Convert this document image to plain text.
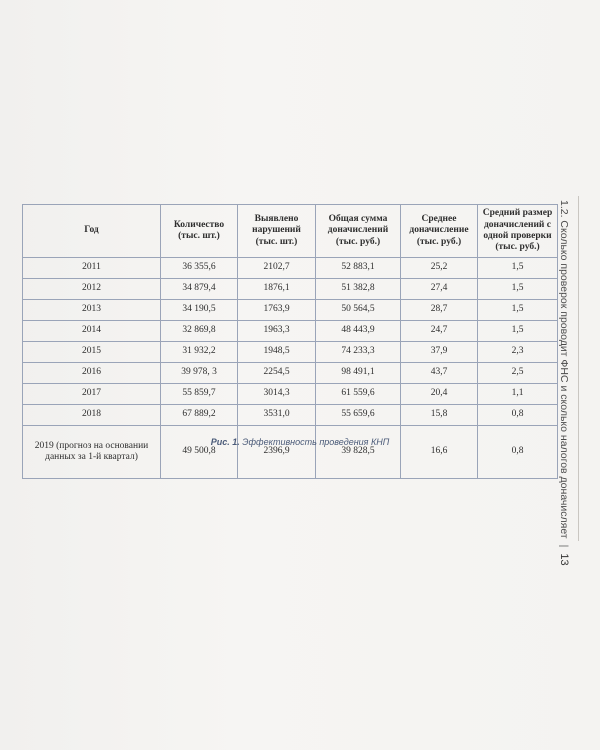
Год	Количество (тыс. шт.)	Выявлено нарушений (тыс. шт.)	Общая сумма доначислений (тыс. руб.)	Среднее доначисление (тыс. руб.)	Средний размер доначислений с одной проверки (тыс. руб.)
2011	36 355,6	2102,7	52 883,1	25,2	1,5
2012	34 879,4	1876,1	51 382,8	27,4	1,5
2013	34 190,5	1763,9	50 564,5	28,7	1,5
2014	32 869,8	1963,3	48 443,9	24,7	1,5
2015	31 932,2	1948,5	74 233,3	37,9	2,3
2016	39 978, 3	2254,5	98 491,1	43,7	2,5
2017	55 859,7	3014,3	61 559,6	20,4	1,1
2018	67 889,2	3531,0	55 659,6	15,8	0,8
2019 (прогноз на основании данных за 1-й квартал)	49 500,8	2396,9	39 828,5	16,6	0,8
Рис. 1. Эффективность проведения КНП	1.2. Сколько проверок проводит ФНС и сколько налогов доначисляет
|
13
